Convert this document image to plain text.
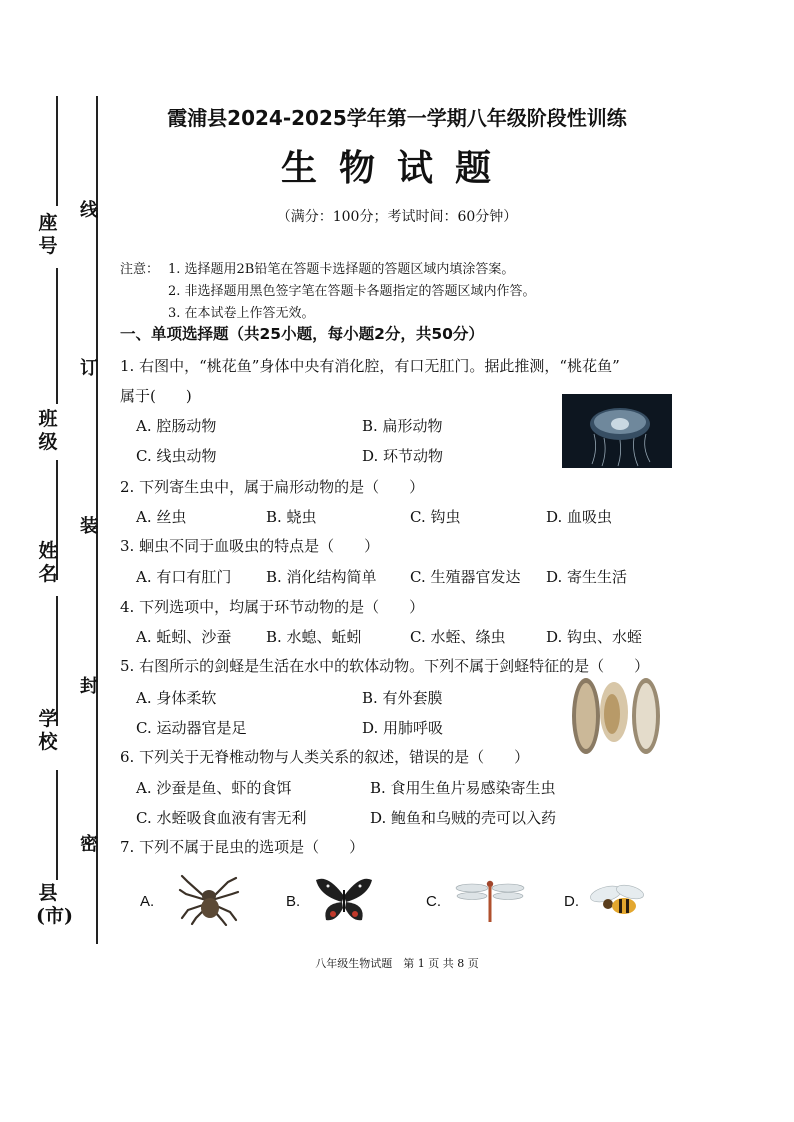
座号
班级
姓名
学校
县(市)
线
订
装
封
密
霞浦县2024-2025学年第一学期八年级阶段性训练
生物试题
（满分：100分；考试时间：60分钟）
注意： 1. 选择题用2B铅笔在答题卡选择题的答题区域内填涂答案。
2. 非选择题用黑色签字笔在答题卡各题指定的答题区域内作答。
3. 在本试卷上作答无效。
一、单项选择题（共25小题，每小题2分，共50分）
1. 右图中，“桃花鱼”身体中央有消化腔，有口无肛门。据此推测，“桃花鱼”
属于(　　)
A. 腔肠动物	B. 扁形动物
C. 线虫动物	D. 环节动物
2. 下列寄生虫中，属于扁形动物的是（　　）
A. 丝虫	B. 蛲虫	C. 钩虫	D. 血吸虫
3. 蛔虫不同于血吸虫的特点是（　　）
A. 有口有肛门 B. 消化结构简单 C. 生殖器官发达 D. 寄生生活
4. 下列选项中，均属于环节动物的是（　　）
A. 蚯蚓、沙蚕 B. 水螅、蚯蚓	C. 水蛭、绦虫	D. 钩虫、水蛭
5. 右图所示的剑蛏是生活在水中的软体动物。下列不属于剑蛏特征的是（　　）
A. 身体柔软	B. 有外套膜
C. 运动器官是足	D. 用肺呼吸
6. 下列关于无脊椎动物与人类关系的叙述，错误的是（　　）
A. 沙蚕是鱼、虾的食饵	B. 食用生鱼片易感染寄生虫
C. 水蛭吸食血液有害无利	D. 鲍鱼和乌贼的壳可以入药
7. 下列不属于昆虫的选项是（　　）
A.	B.	C.	D.
八年级生物试题　第 1 页 共 8 页
